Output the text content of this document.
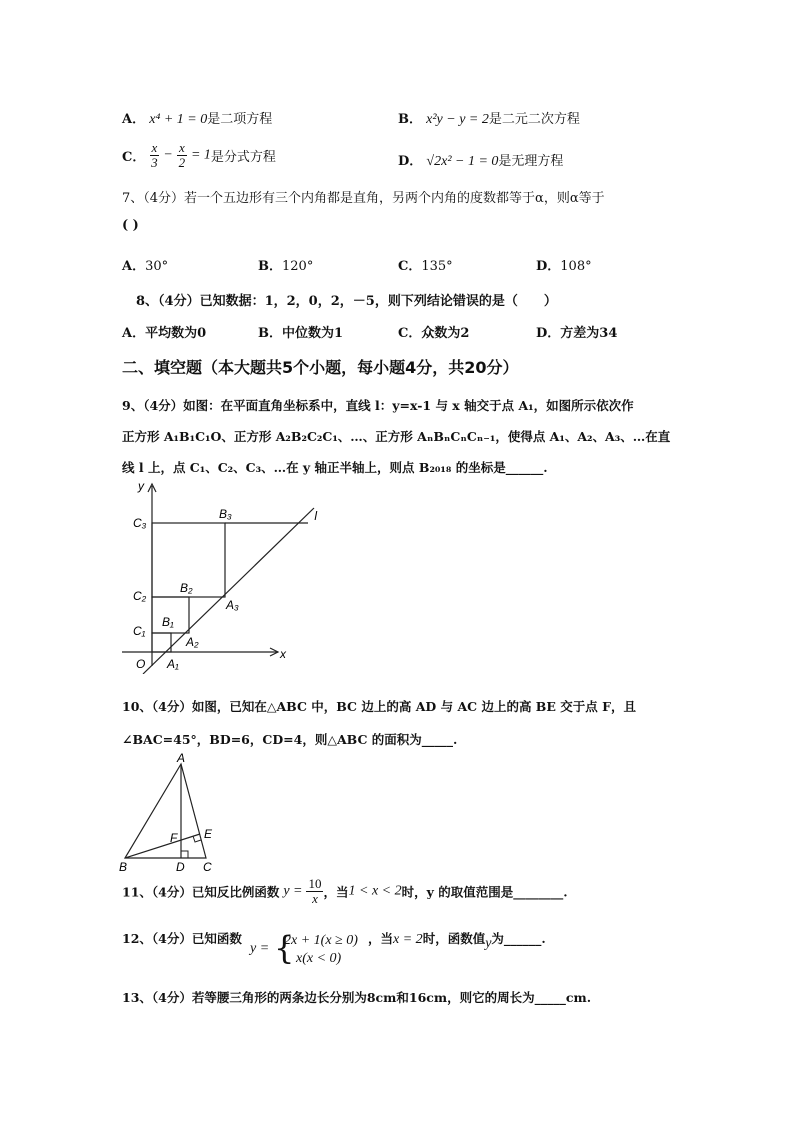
A． x⁴ + 1 = 0是二项方程	B． x²y − y = 2是二元二次方程
C． $\frac{x}{3} - \frac{x}{2} = 1$是分式方程	D． √2x² − 1 = 0是无理方程
7、（4分）若一个五边形有三个内角都是直角，另两个内角的度数都等于α，则α等于
( )
A．30°	B．120°	C．135°	D．108°
8、（4分）已知数据：1，2，0，2，－5，则下列结论错误的是（　　）
A．平均数为0	B．中位数为1	C．众数为2	D．方差为34
二、填空题（本大题共5个小题，每小题4分，共20分）
9、（4分）如图：在平面直角坐标系中，直线 l：y=x-1 与 x 轴交于点 A₁，如图所示依次作
正方形 A₁B₁C₁O、正方形 A₂B₂C₂C₁、…、正方形 AₙBₙCₙCₙ₋₁，使得点 A₁、A₂、A₃、…在直
线 l 上，点 C₁、C₂、C₃、…在 y 轴正半轴上，则点 B₂₀₁₈ 的坐标是______.
y
x
l
O
C₃
B₃
C₂
B₂
A₃
C₁
B₁
A₂
A₁
10、（4分）如图，已知在△ABC 中，BC 边上的高 AD 与 AC 边上的高 BE 交于点 F，且
∠BAC=45°，BD=6，CD=4，则△ABC 的面积为_____.
A
B	C
D
E
F
11、（4分）已知反比例函数 $y = \frac{10}{x}$ ，当1 < x < 2时，y 的取值范围是________.
12、（4分）已知函数
y = {
2x + 1(x ≥ 0)
x(x < 0)
，当x = 2时，函数值y为______.
13、（4分）若等腰三角形的两条边长分别为8cm和16cm，则它的周长为_____cm.
